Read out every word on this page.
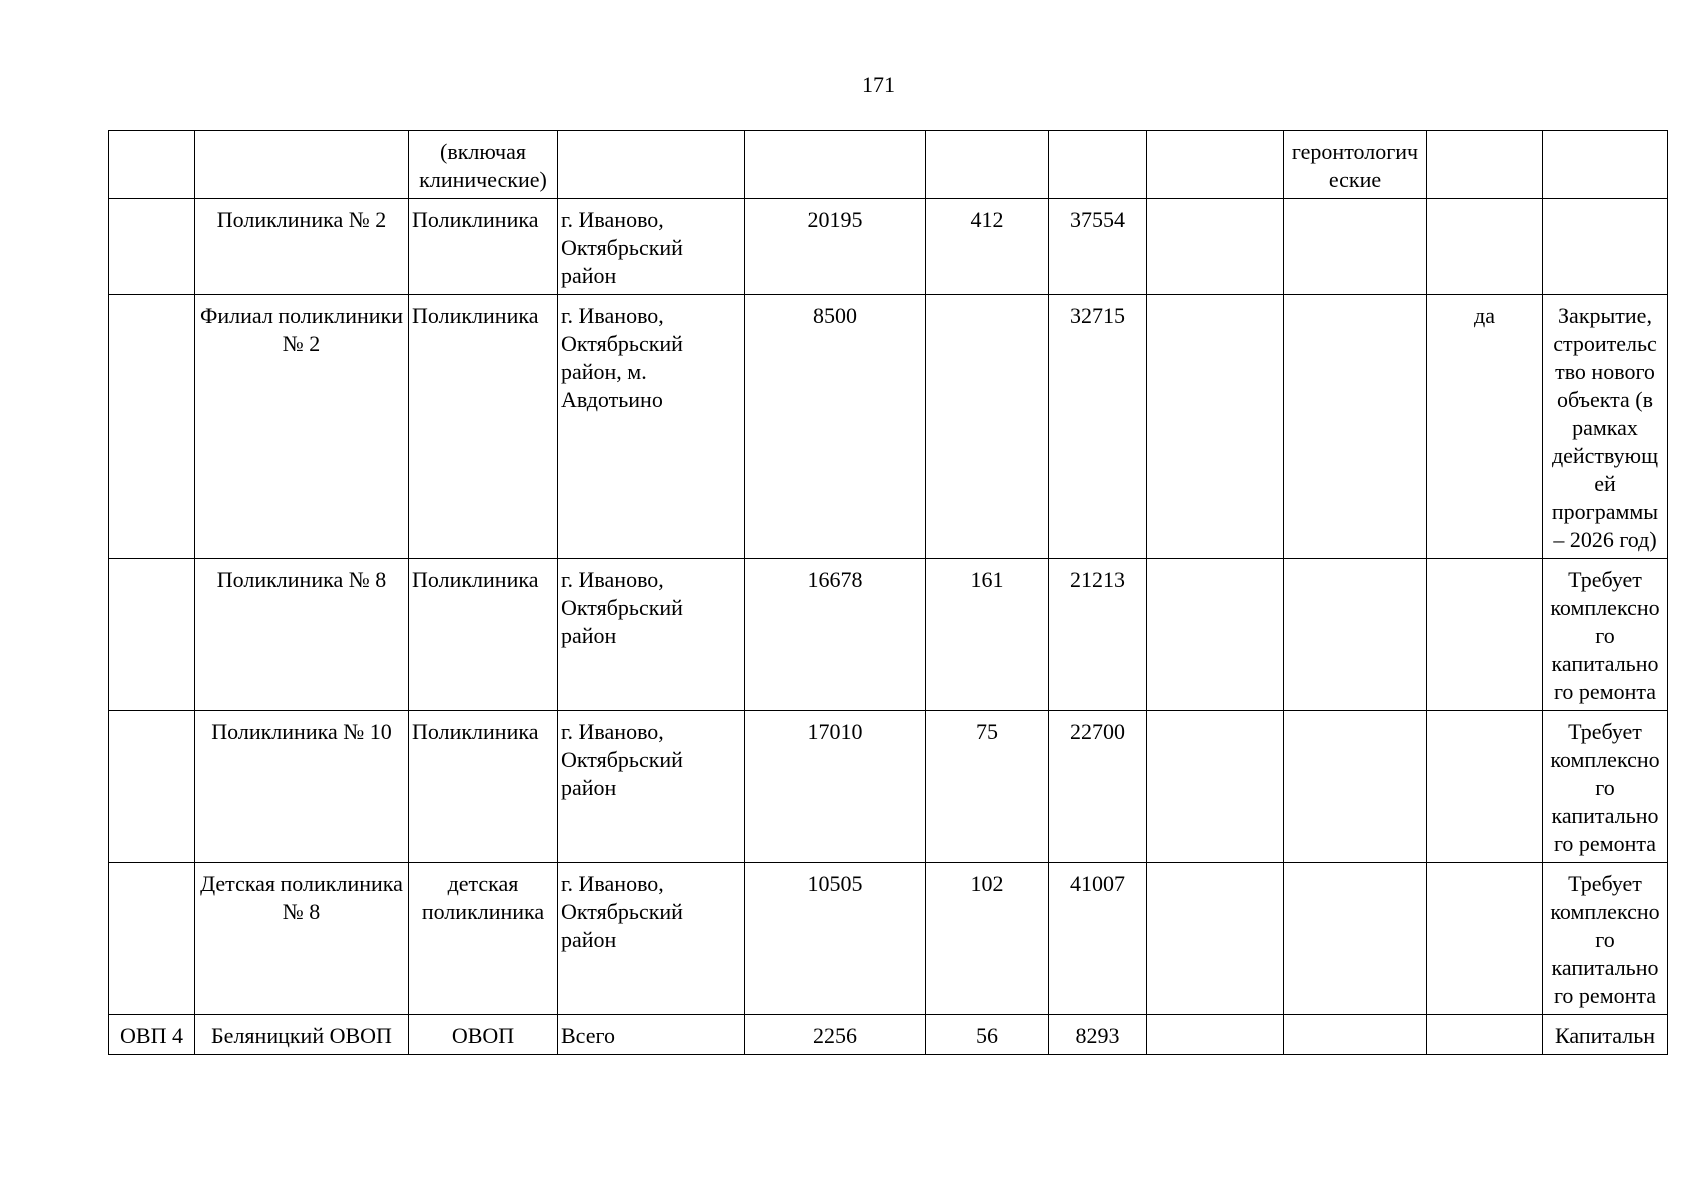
171
		(включая клинические)						геронтологич еские		
	Поликлиника № 2	Поликлиника	г. Иваново, Октябрьский район	20195	412	37554				
	Филиал поликлиники № 2	Поликлиника	г. Иваново, Октябрьский район, м. Авдотьино	8500		32715			да	Закрытие, строительс тво нового объекта (в рамках действующ ей программы – 2026 год)
	Поликлиника № 8	Поликлиника	г. Иваново, Октябрьский район	16678	161	21213				Требует комплексно го капитально го ремонта
	Поликлиника № 10	Поликлиника	г. Иваново, Октябрьский район	17010	75	22700				Требует комплексно го капитально го ремонта
	Детская поликлиника № 8	детская поликлиника	г. Иваново, Октябрьский район	10505	102	41007				Требует комплексно го капитально го ремонта
ОВП 4	Беляницкий ОВОП	ОВОП	Всего	2256	56	8293				Капитальн
